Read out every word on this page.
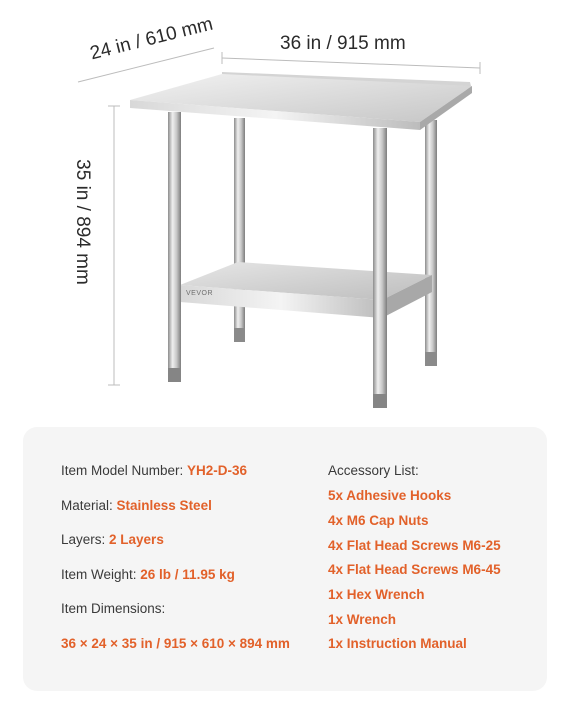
36 in / 915 mm
24 in / 610 mm
35 in / 894 mm
VEVOR
Item Model Number: YH2-D-36
Material: Stainless Steel
Layers: 2 Layers
Item Weight: 26 lb / 11.95 kg
Item Dimensions:
36 × 24 × 35 in / 915 × 610 × 894 mm
Accessory List:
5x Adhesive Hooks
4x M6 Cap Nuts
4x Flat Head Screws M6-25
4x Flat Head Screws M6-45
1x Hex Wrench
1x Wrench
1x Instruction Manual
